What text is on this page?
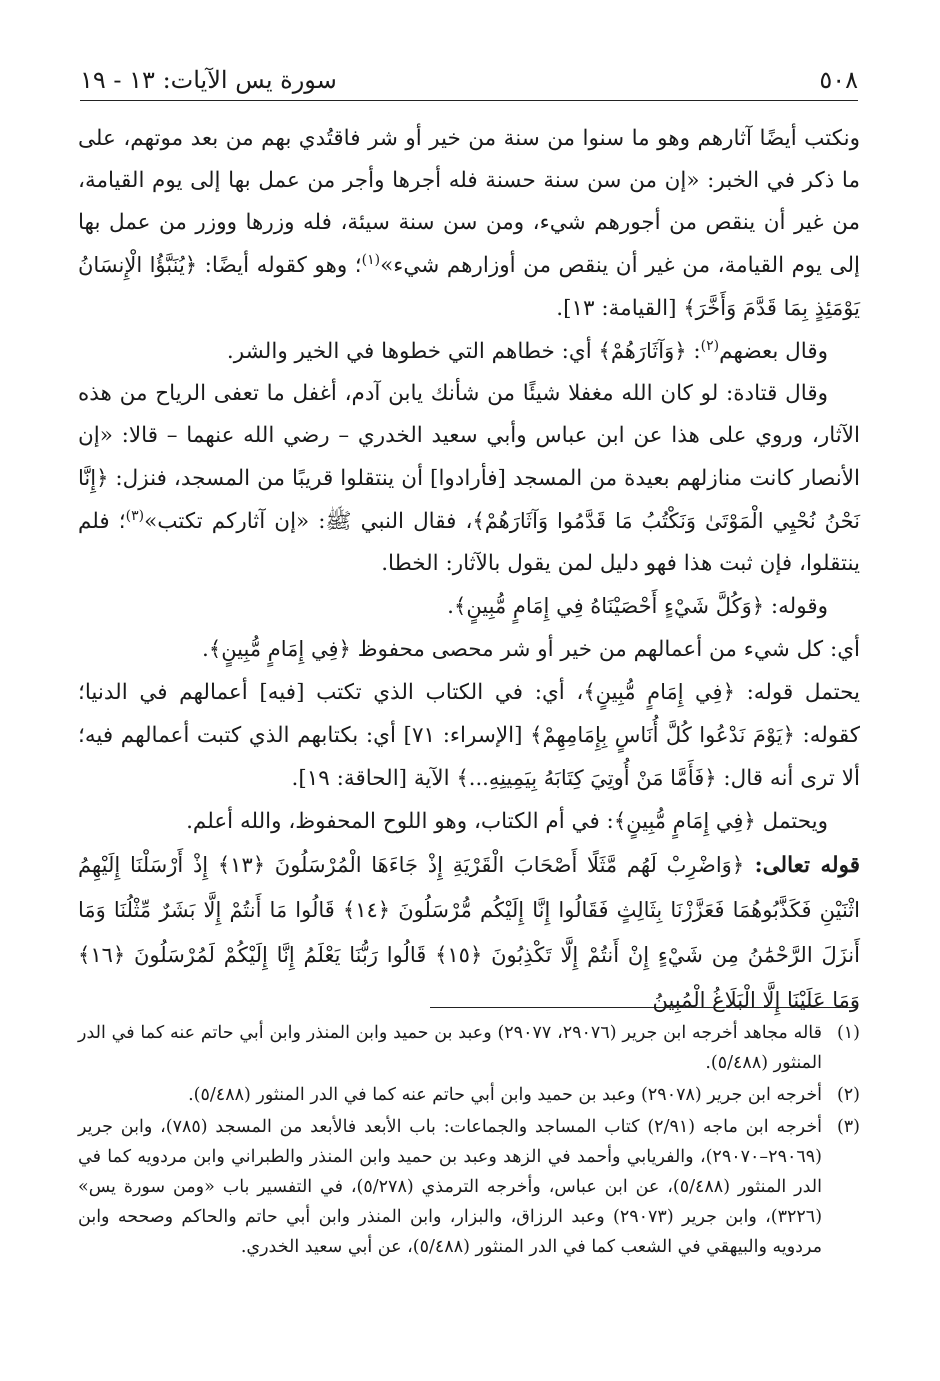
٥٠٨
سورة يس الآيات: ١٣ - ١٩

ونكتب أيضًا آثارهم وهو ما سنوا من سنة من خير أو شر فاقتُدي بهم من بعد موتهم، على ما ذكر في الخبر: «إن من سن سنة حسنة فله أجرها وأجر من عمل بها إلى يوم القيامة، من غير أن ينقص من أجورهم شيء، ومن سن سنة سيئة، فله وزرها ووزر من عمل بها إلى يوم القيامة، من غير أن ينقص من أوزارهم شيء»$^{(١)}$؛ وهو كقوله أيضًا: ﴿يُنَبَّؤُا الْإِنسَانُ يَوْمَئِذٍ بِمَا قَدَّمَ وَأَخَّرَ﴾ [القيامة: ١٣].

وقال بعضهم$^{(٢)}$: ﴿وَآثَارَهُمْ﴾ أي: خطاهم التي خطوها في الخير والشر.

وقال قتادة: لو كان الله مغفلا شيئًا من شأنك يابن آدم، أغفل ما تعفى الرياح من هذه الآثار، وروي على هذا عن ابن عباس وأبي سعيد الخدري – رضي الله عنهما – قالا: «إن الأنصار كانت منازلهم بعيدة من المسجد [فأرادوا] أن ينتقلوا قريبًا من المسجد، فنزل: ﴿إِنَّا نَحْنُ نُحْيِي الْمَوْتَىٰ وَنَكْتُبُ مَا قَدَّمُوا وَآثَارَهُمْ﴾، فقال النبي ﷺ: «إن آثاركم تكتب»$^{(٣)}$؛ فلم ينتقلوا، فإن ثبت هذا فهو دليل لمن يقول بالآثار: الخطا.

وقوله: ﴿وَكُلَّ شَيْءٍ أَحْصَيْنَاهُ فِي إِمَامٍ مُّبِينٍ﴾.

أي: كل شيء من أعمالهم من خير أو شر محصى محفوظ ﴿فِي إِمَامٍ مُّبِينٍ﴾.

يحتمل قوله: ﴿فِي إِمَامٍ مُّبِينٍ﴾، أي: في الكتاب الذي تكتب [فيه] أعمالهم في الدنيا؛ كقوله: ﴿يَوْمَ نَدْعُوا كُلَّ أُنَاسٍ بِإِمَامِهِمْ﴾ [الإسراء: ٧١] أي: بكتابهم الذي كتبت أعمالهم فيه؛ ألا ترى أنه قال: ﴿فَأَمَّا مَنْ أُوتِيَ كِتَابَهُ بِيَمِينِهِ...﴾ الآية [الحاقة: ١٩].

ويحتمل ﴿فِي إِمَامٍ مُّبِينٍ﴾: في أم الكتاب، وهو اللوح المحفوظ، والله أعلم.

قوله تعالى: ﴿وَاضْرِبْ لَهُم مَّثَلًا أَصْحَابَ الْقَرْيَةِ إِذْ جَاءَهَا الْمُرْسَلُونَ ﴿١٣﴾ إِذْ أَرْسَلْنَا إِلَيْهِمُ اثْنَيْنِ فَكَذَّبُوهُمَا فَعَزَّزْنَا بِثَالِثٍ فَقَالُوا إِنَّا إِلَيْكُم مُّرْسَلُونَ ﴿١٤﴾ قَالُوا مَا أَنتُمْ إِلَّا بَشَرٌ مِّثْلُنَا وَمَا أَنزَلَ الرَّحْمَٰنُ مِن شَيْءٍ إِنْ أَنتُمْ إِلَّا تَكْذِبُونَ ﴿١٥﴾ قَالُوا رَبُّنَا يَعْلَمُ إِنَّا إِلَيْكُمْ لَمُرْسَلُونَ ﴿١٦﴾ وَمَا عَلَيْنَا إِلَّا الْبَلَاغُ الْمُبِينُ

(١)
قاله مجاهد أخرجه ابن جرير (٢٩٠٧٦، ٢٩٠٧٧) وعبد بن حميد وابن المنذر وابن أبي حاتم عنه كما في الدر المنثور (٥/٤٨٨).
(٢)
أخرجه ابن جرير (٢٩٠٧٨) وعبد بن حميد وابن أبي حاتم عنه كما في الدر المنثور (٥/٤٨٨).
(٣)
أخرجه ابن ماجه (٢/٩١) كتاب المساجد والجماعات: باب الأبعد فالأبعد من المسجد (٧٨٥)، وابن جرير (٢٩٠٦٩–٢٩٠٧٠)، والفريابي وأحمد في الزهد وعبد بن حميد وابن المنذر والطبراني وابن مردويه كما في الدر المنثور (٥/٤٨٨)، عن ابن عباس، وأخرجه الترمذي (٥/٢٧٨)، في التفسير باب «ومن سورة يس» (٣٢٢٦)، وابن جرير (٢٩٠٧٣) وعبد الرزاق، والبزار، وابن المنذر وابن أبي حاتم والحاكم وصححه وابن مردويه والبيهقي في الشعب كما في الدر المنثور (٥/٤٨٨)، عن أبي سعيد الخدري.
